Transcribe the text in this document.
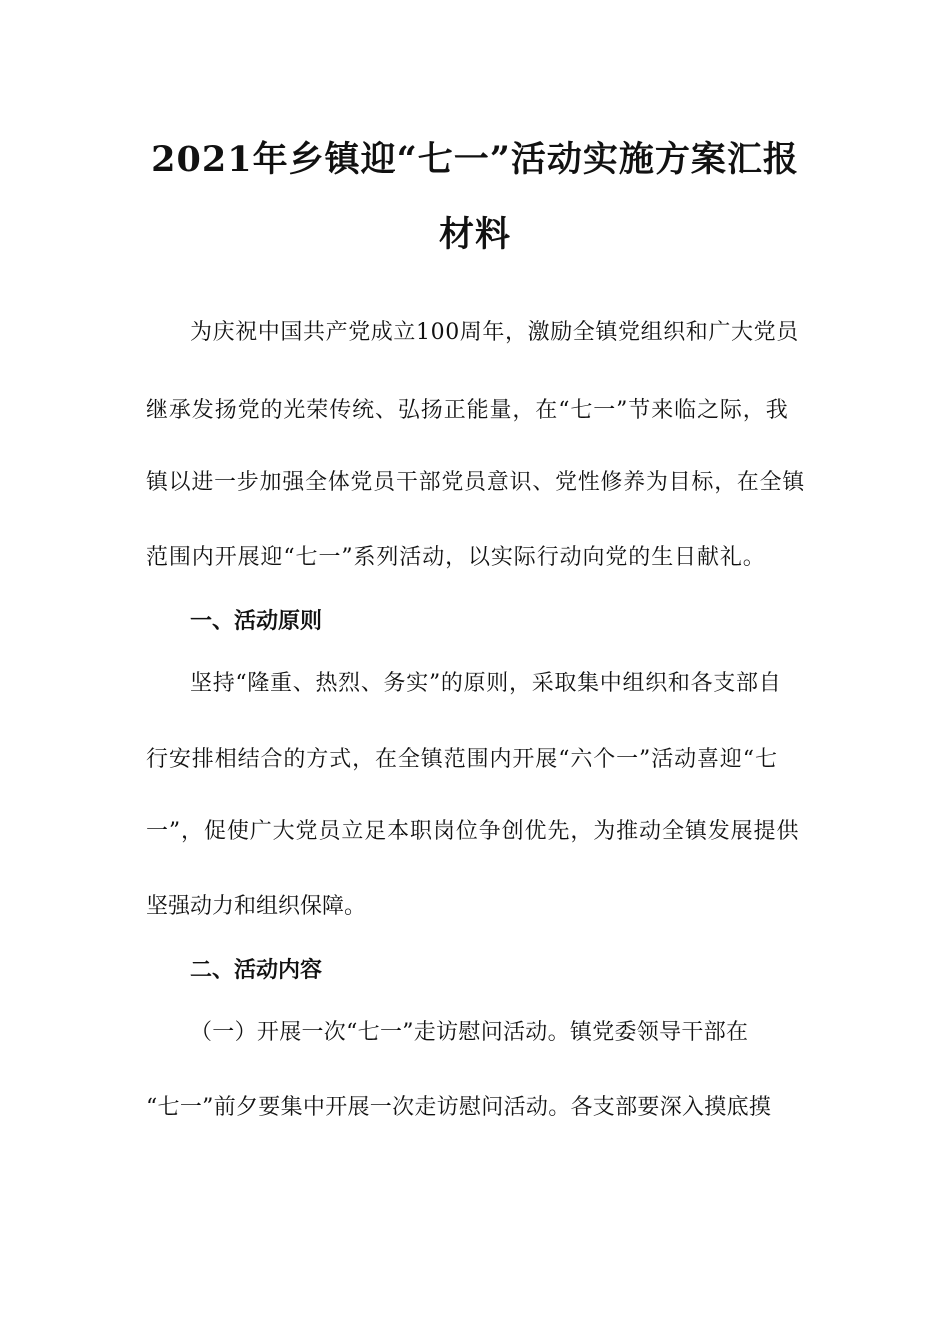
2021年乡镇迎“七一”活动实施方案汇报
材料
为庆祝中国共产党成立100周年，激励全镇党组织和广大党员
继承发扬党的光荣传统、弘扬正能量，在“七一”节来临之际，我
镇以进一步加强全体党员干部党员意识、党性修养为目标，在全镇
范围内开展迎“七一”系列活动，以实际行动向党的生日献礼。
一、活动原则
坚持“隆重、热烈、务实”的原则，采取集中组织和各支部自
行安排相结合的方式，在全镇范围内开展“六个一”活动喜迎“七
一”，促使广大党员立足本职岗位争创优先，为推动全镇发展提供
坚强动力和组织保障。
二、活动内容
（一）开展一次“七一”走访慰问活动。镇党委领导干部在
“七一”前夕要集中开展一次走访慰问活动。各支部要深入摸底摸
